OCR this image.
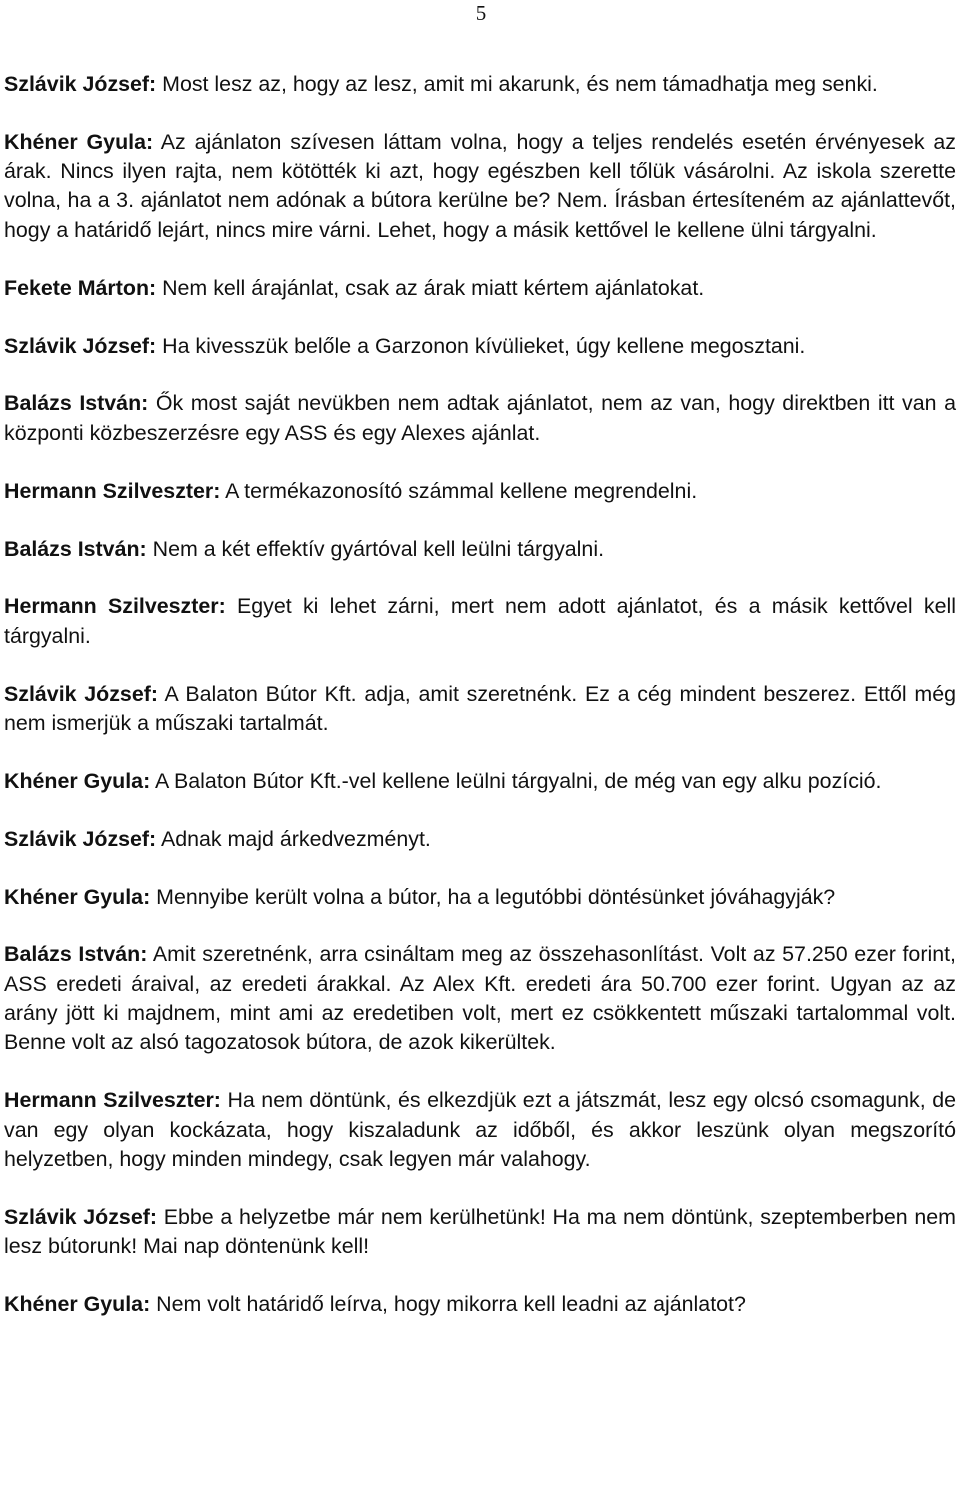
5

Szlávik József: Most lesz az, hogy az lesz, amit mi akarunk, és nem támadhatja meg senki.

Khéner Gyula: Az ajánlaton szívesen láttam volna, hogy a teljes rendelés esetén érvényesek az árak. Nincs ilyen rajta, nem kötötték ki azt, hogy egészben kell tőlük vásárolni. Az iskola szerette volna, ha a 3. ajánlatot nem adónak a bútora kerülne be? Nem. Írásban értesíteném az ajánlattevőt, hogy a határidő lejárt, nincs mire várni. Lehet, hogy a másik kettővel le kellene ülni tárgyalni.

Fekete Márton: Nem kell árajánlat, csak az árak miatt kértem ajánlatokat.

Szlávik József: Ha kivesszük belőle a Garzonon kívülieket, úgy kellene megosztani.

Balázs István: Ők most saját nevükben nem adtak ajánlatot, nem az van, hogy direktben itt van a központi közbeszerzésre egy ASS és egy Alexes ajánlat.

Hermann Szilveszter: A termékazonosító számmal kellene megrendelni.

Balázs István: Nem a két effektív gyártóval kell leülni tárgyalni.

Hermann Szilveszter: Egyet ki lehet zárni, mert nem adott ajánlatot, és a másik kettővel kell tárgyalni.

Szlávik József: A Balaton Bútor Kft. adja, amit szeretnénk. Ez a cég mindent beszerez. Ettől még nem ismerjük a műszaki tartalmát.

Khéner Gyula: A Balaton Bútor Kft.-vel kellene leülni tárgyalni, de még van egy alku pozíció.

Szlávik József: Adnak majd árkedvezményt.

Khéner Gyula: Mennyibe került volna a bútor, ha a legutóbbi döntésünket jóváhagyják?

Balázs István: Amit szeretnénk, arra csináltam meg az összehasonlítást. Volt az 57.250 ezer forint, ASS eredeti áraival, az eredeti árakkal. Az Alex Kft. eredeti ára 50.700 ezer forint. Ugyan az az arány jött ki majdnem, mint ami az eredetiben volt, mert ez csökkentett műszaki tartalommal volt. Benne volt az alsó tagozatosok bútora, de azok kikerültek.

Hermann Szilveszter: Ha nem döntünk, és elkezdjük ezt a játszmát, lesz egy olcsó csomagunk, de van egy olyan kockázata, hogy kiszaladunk az időből, és akkor leszünk olyan megszorító helyzetben, hogy minden mindegy, csak legyen már valahogy.

Szlávik József: Ebbe a helyzetbe már nem kerülhetünk! Ha ma nem döntünk, szeptemberben nem lesz bútorunk! Mai nap döntenünk kell!

Khéner Gyula: Nem volt határidő leírva, hogy mikorra kell leadni az ajánlatot?
